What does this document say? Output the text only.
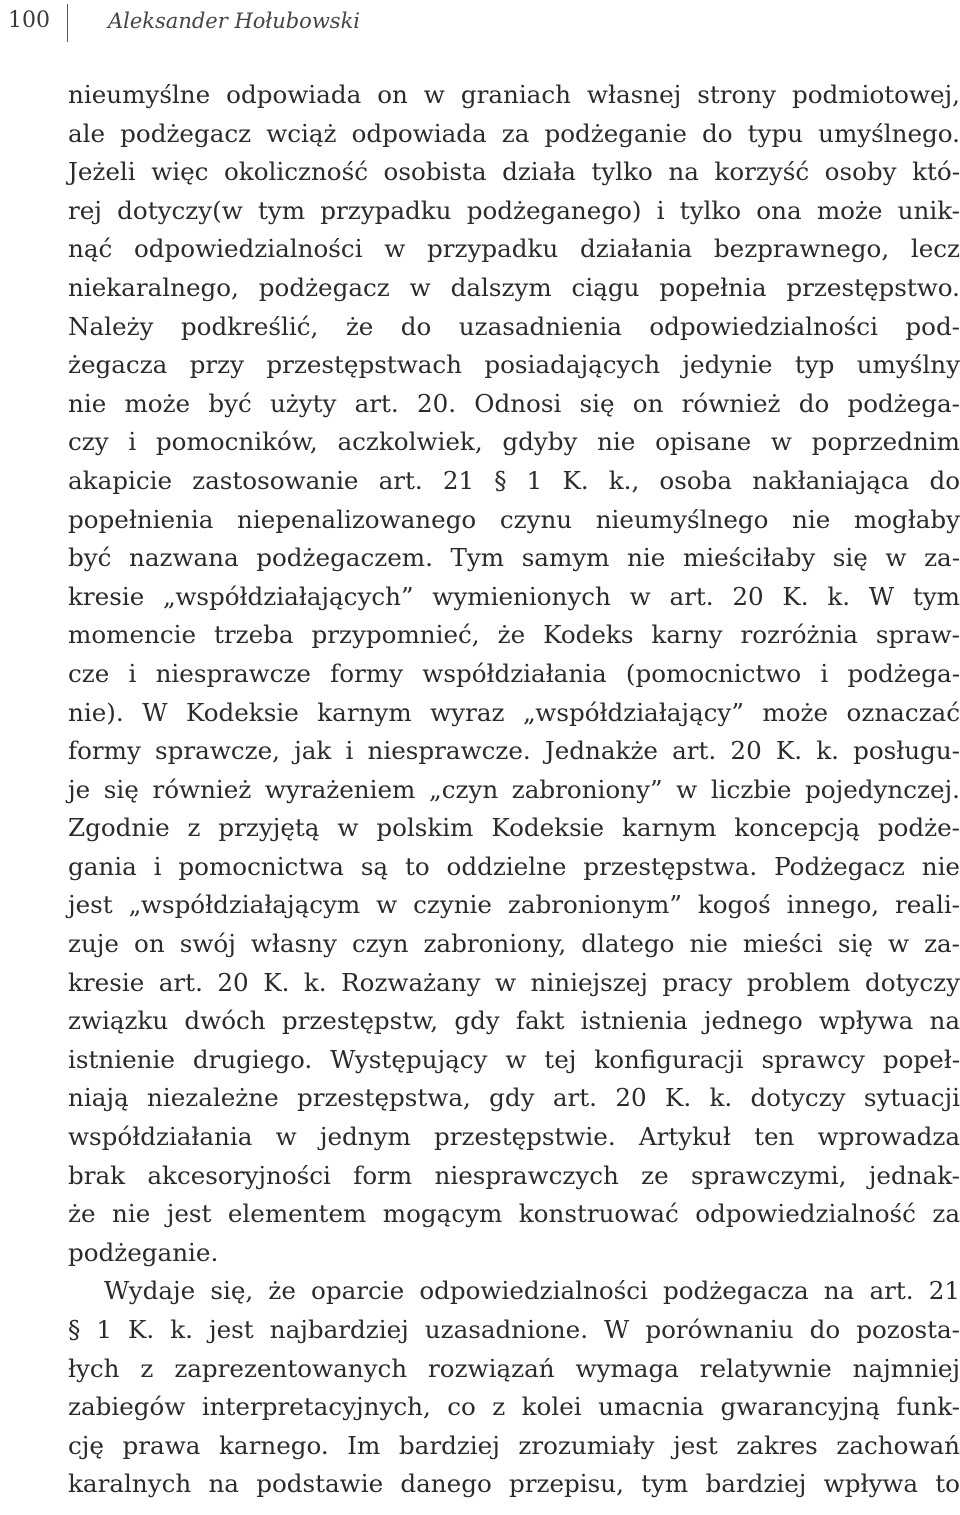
100	Aleksander Hołubowski
nieumyślne odpowiada on w graniach własnej strony podmiotowej,
ale podżegacz wciąż odpowiada za podżeganie do typu umyślnego.
Jeżeli więc okoliczność osobista działa tylko na korzyść osoby któ-
rej dotyczy(w tym przypadku podżeganego) i tylko ona może unik-
nąć odpowiedzialności w przypadku działania bezprawnego, lecz
niekaralnego, podżegacz w dalszym ciągu popełnia przestępstwo.
Należy podkreślić, że do uzasadnienia odpowiedzialności pod-
żegacza przy przestępstwach posiadających jedynie typ umyślny
nie może być użyty art. 20. Odnosi się on również do podżega-
czy i pomocników, aczkolwiek, gdyby nie opisane w poprzednim
akapicie zastosowanie art. 21 § 1 K. k., osoba nakłaniająca do
popełnienia niepenalizowanego czynu nieumyślnego nie mogłaby
być nazwana podżegaczem. Tym samym nie mieściłaby się w za-
kresie „współdziałających” wymienionych w art. 20 K. k. W tym
momencie trzeba przypomnieć, że Kodeks karny rozróżnia spraw-
cze i niesprawcze formy współdziałania (pomocnictwo i podżega-
nie). W Kodeksie karnym wyraz „współdziałający” może oznaczać
formy sprawcze, jak i niesprawcze. Jednakże art. 20 K. k. posługu-
je się również wyrażeniem „czyn zabroniony” w liczbie pojedynczej.
Zgodnie z przyjętą w polskim Kodeksie karnym koncepcją podże-
gania i pomocnictwa są to oddzielne przestępstwa. Podżegacz nie
jest „współdziałającym w czynie zabronionym” kogoś innego, reali-
zuje on swój własny czyn zabroniony, dlatego nie mieści się w za-
kresie art. 20 K. k. Rozważany w niniejszej pracy problem dotyczy
związku dwóch przestępstw, gdy fakt istnienia jednego wpływa na
istnienie drugiego. Występujący w tej konfiguracji sprawcy popeł-
niają niezależne przestępstwa, gdy art. 20 K. k. dotyczy sytuacji
współdziałania w jednym przestępstwie. Artykuł ten wprowadza
brak akcesoryjności form niesprawczych ze sprawczymi, jednak-
że nie jest elementem mogącym konstruować odpowiedzialność za
podżeganie.
Wydaje się, że oparcie odpowiedzialności podżegacza na art. 21
§ 1 K. k. jest najbardziej uzasadnione. W porównaniu do pozosta-
łych z zaprezentowanych rozwiązań wymaga relatywnie najmniej
zabiegów interpretacyjnych, co z kolei umacnia gwarancyjną funk-
cję prawa karnego. Im bardziej zrozumiały jest zakres zachowań
karalnych na podstawie danego przepisu, tym bardziej wpływa to
